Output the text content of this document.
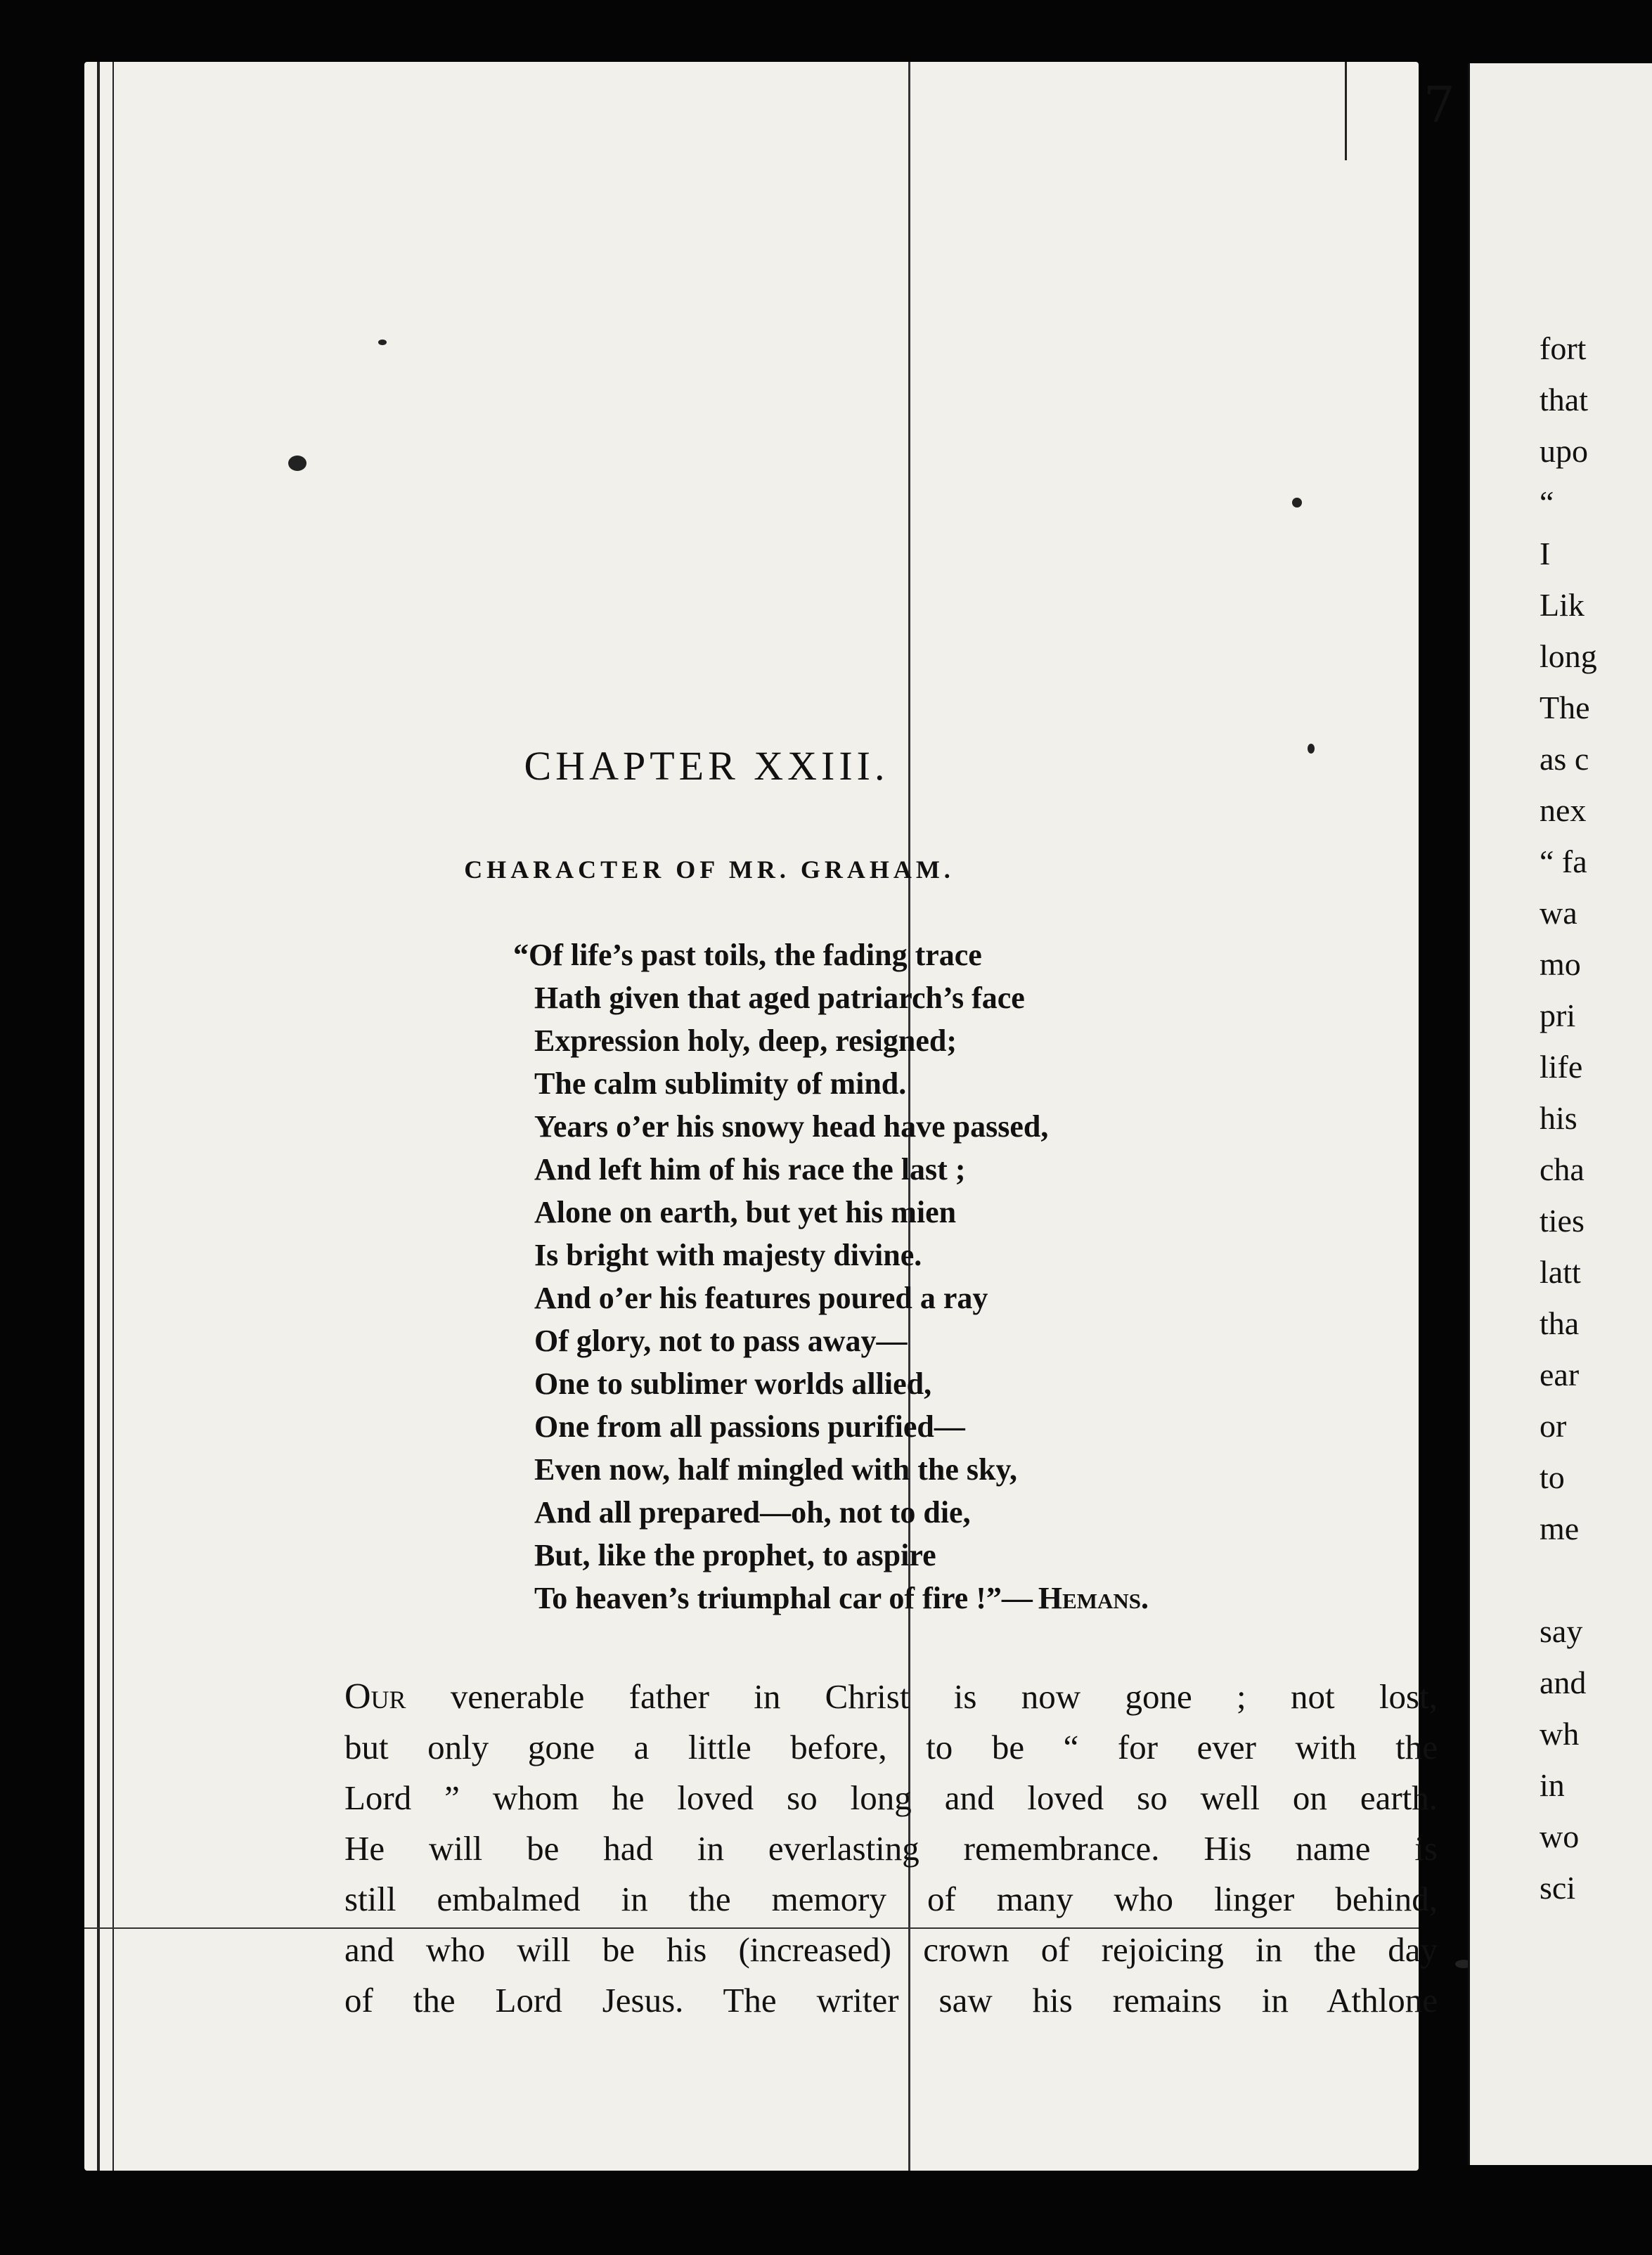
7
CHAPTER XXIII.
CHARACTER OF MR. GRAHAM.
“Of life’s past toils, the fading trace
Hath given that aged patriarch’s face
Expression holy, deep, resigned;
The calm sublimity of mind.
Years o’er his snowy head have passed,
And left him of his race the last ;
Alone on earth, but yet his mien
Is bright with majesty divine.
And o’er his features poured a ray
Of glory, not to pass away—
One to sublimer worlds allied,
One from all passions purified—
Even now, half mingled with the sky,
And all prepared—oh, not to die,
But, like the prophet, to aspire
To heaven’s triumphal car of fire !”— Hemans.
Our venerable father in Christ is now gone ; not lost,
but only gone a little before, to be “ for ever with the
Lord ” whom he loved so long and loved so well on earth.
He will be had in everlasting remembrance. His name is
still embalmed in the memory of many who linger behind,
and who will be his (increased) crown of rejoicing in the day
of the Lord Jesus. The writer saw his remains in Athlone
fort
that
upo
“
I
Lik
long
The
as c
nex
“ fa
wa
mo
pri
life
his
cha
ties
latt
tha
ear
or
to
me
say
and
wh
in
wo
sci
